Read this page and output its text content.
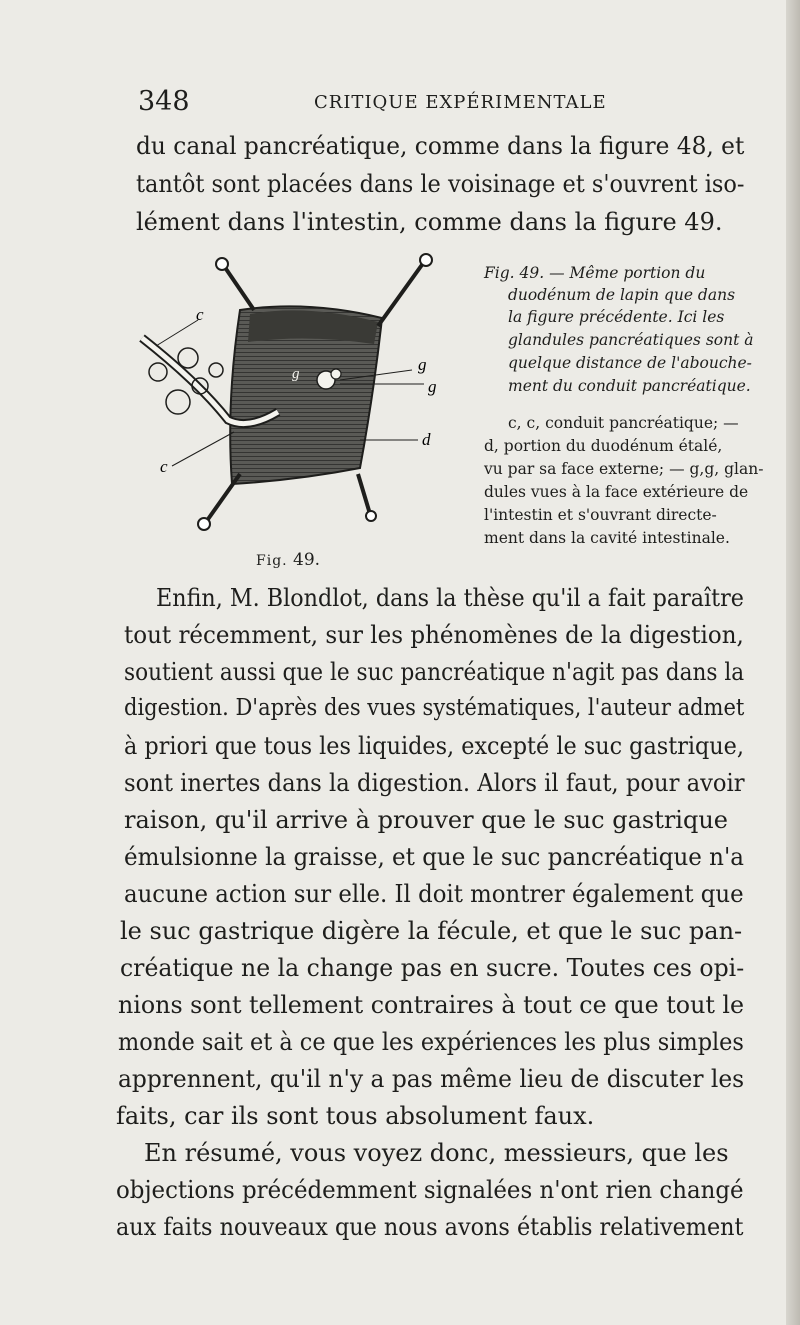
348	CRITIQUE EXPÉRIMENTALE
du canal pancréatique, comme dans la figure 48, et
tantôt sont placées dans le voisinage et s'ouvrent iso-
lément dans l'intestin, comme dans la figure 49.
c
c
g	g
g
d
Fig. 49.
Fig. 49. — Même portion du
duodénum de lapin que dans
la figure précédente. Ici les
glandules pancréatiques sont à
quelque distance de l'abouche-
ment du conduit pancréatique.
c, c, conduit pancréatique; —
d, portion du duodénum étalé,
vu par sa face externe; — g,g, glan-
dules vues à la face extérieure de
l'intestin et s'ouvrant directe-
ment dans la cavité intestinale.
Enfin, M. Blondlot, dans la thèse qu'il a fait paraître
tout récemment, sur les phénomènes de la digestion,
soutient aussi que le suc pancréatique n'agit pas dans la
digestion. D'après des vues systématiques, l'auteur admet
à priori que tous les liquides, excepté le suc gastrique,
sont inertes dans la digestion. Alors il faut, pour avoir
raison, qu'il arrive à prouver que le suc gastrique
émulsionne la graisse, et que le suc pancréatique n'a
aucune action sur elle. Il doit montrer également que
le suc gastrique digère la fécule, et que le suc pan-
créatique ne la change pas en sucre. Toutes ces opi-
nions sont tellement contraires à tout ce que tout le
monde sait et à ce que les expériences les plus simples
apprennent, qu'il n'y a pas même lieu de discuter les
faits, car ils sont tous absolument faux.
En résumé, vous voyez donc, messieurs, que les
objections précédemment signalées n'ont rien changé
aux faits nouveaux que nous avons établis relativement
